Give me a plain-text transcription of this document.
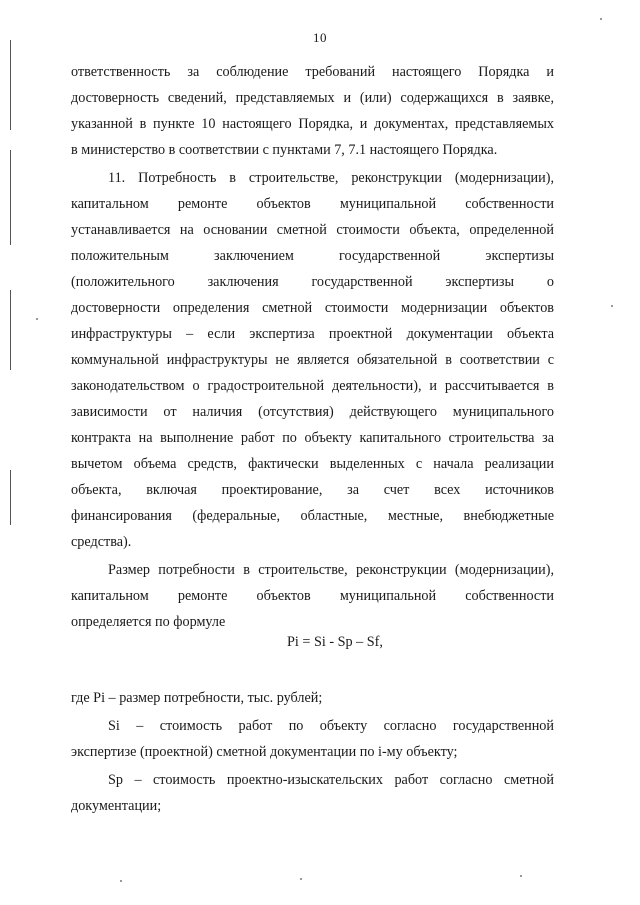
10
ответственность за соблюдение требований настоящего Порядка и
достоверность сведений, представляемых и (или) содержащихся в заявке,
указанной в пункте 10 настоящего Порядка, и документах, представляемых
в министерство в соответствии с пунктами 7, 7.1 настоящего Порядка.
11. Потребность в строительстве, реконструкции (модернизации),
капитальном ремонте объектов муниципальной собственности
устанавливается на основании сметной стоимости объекта, определенной
положительным заключением государственной экспертизы
(положительного заключения государственной экспертизы о
достоверности определения сметной стоимости модернизации объектов
инфраструктуры – если экспертиза проектной документации объекта
коммунальной инфраструктуры не является обязательной в соответствии с
законодательством о градостроительной деятельности), и рассчитывается в
зависимости от наличия (отсутствия) действующего муниципального
контракта на выполнение работ по объекту капитального строительства за
вычетом объема средств, фактически выделенных с начала реализации
объекта, включая проектирование, за счет всех источников
финансирования (федеральные, областные, местные, внебюджетные
средства).
Размер потребности в строительстве, реконструкции (модернизации),
капитальном ремонте объектов муниципальной собственности
определяется по формуле
Pi = Si - Sp – Sf,
где Pi – размер потребности, тыс. рублей;
Si – стоимость работ по объекту согласно государственной
экспертизе (проектной) сметной документации по i-му объекту;
Sp – стоимость проектно-изыскательских работ согласно сметной
документации;
